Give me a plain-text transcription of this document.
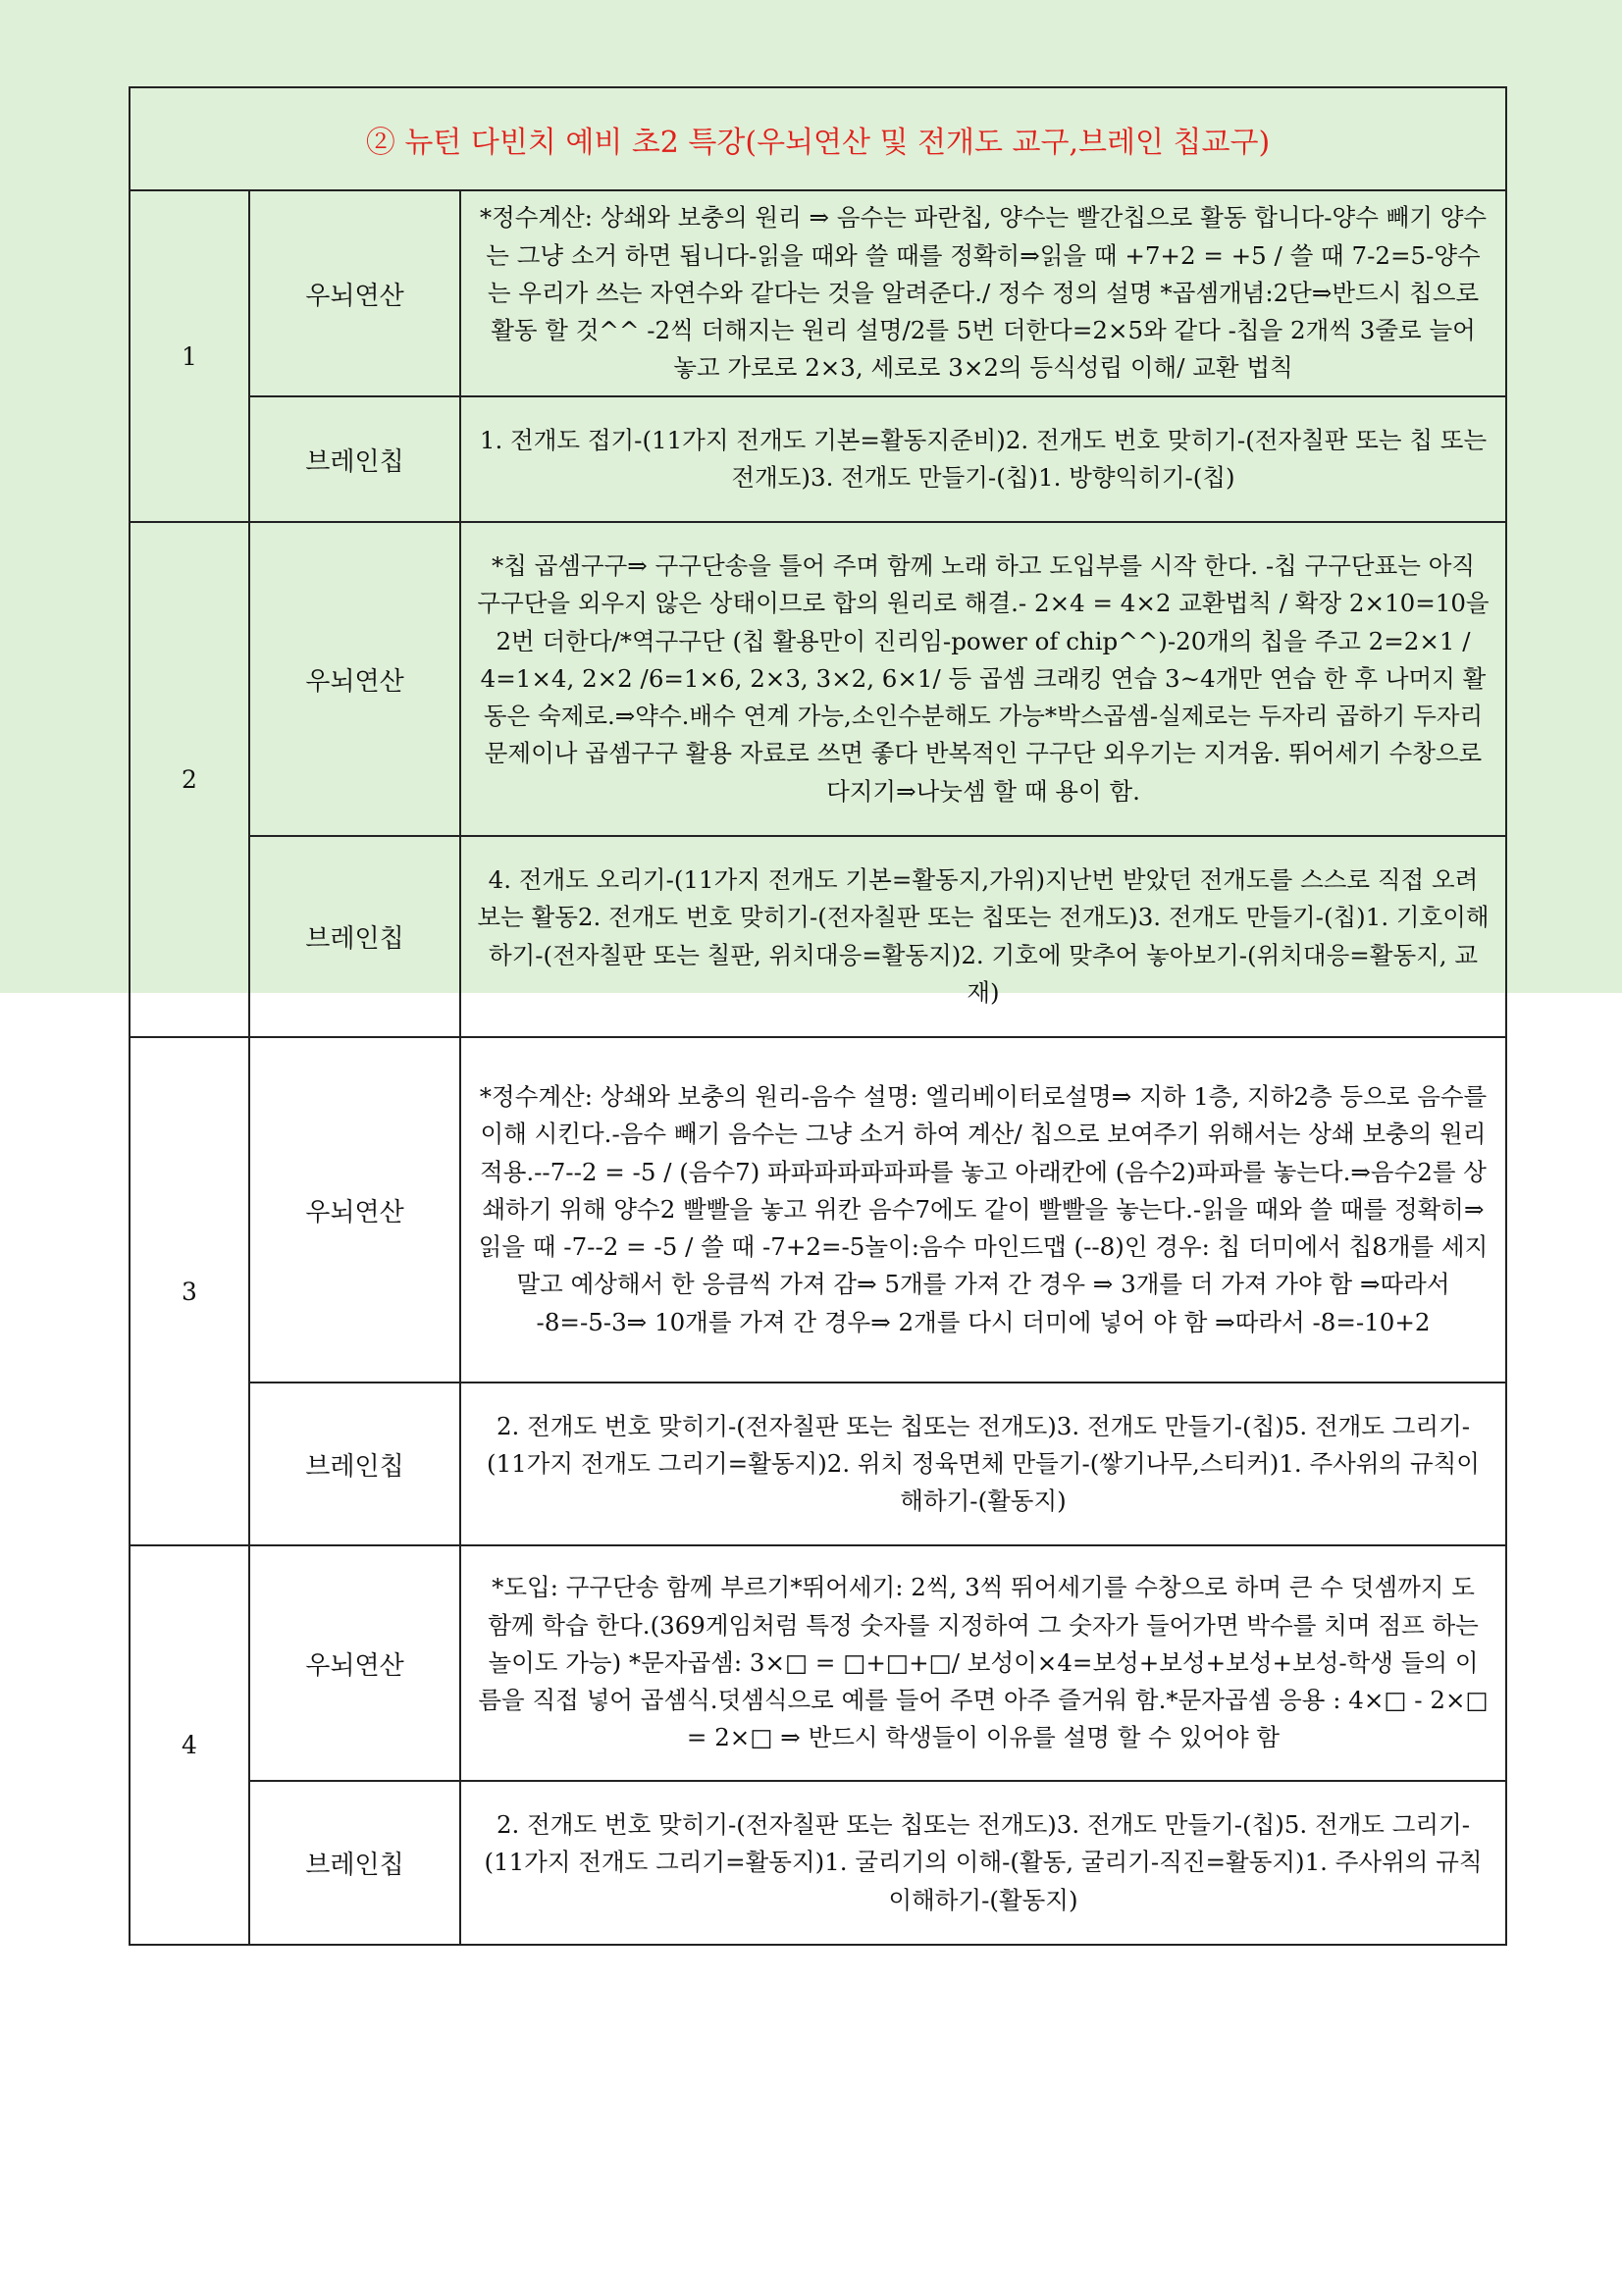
② 뉴턴 다빈치 예비 초2 특강(우뇌연산 및 전개도 교구,브레인 칩교구)		
1	우뇌연산	*정수계산: 상쇄와 보충의 원리 ⇒ 음수는 파란칩, 양수는 빨간칩으로 활동 합니다-양수 빼기 양수는 그냥 소거 하면 됩니다-읽을 때와 쓸 때를 정확히⇒읽을 때 +7+2 = +5 / 쓸 때 7-2=5-양수는 우리가 쓰는 자연수와 같다는 것을 알려준다./ 정수 정의 설명 *곱셈개념:2단⇒반드시 칩으로 활동 할 것^^ -2씩 더해지는 원리 설명/2를 5번 더한다=2×5와 같다 -칩을 2개씩 3줄로 늘어 놓고 가로로 2×3, 세로로 3×2의 등식성립 이해/ 교환 법칙
	브레인칩	1. 전개도 접기-(11가지 전개도 기본=활동지준비)2. 전개도 번호 맞히기-(전자칠판 또는 칩 또는 전개도)3. 전개도 만들기-(칩)1. 방향익히기-(칩)
2	우뇌연산	*칩 곱셈구구⇒ 구구단송을 틀어 주며 함께 노래 하고 도입부를 시작 한다. -칩 구구단표는 아직 구구단을 외우지 않은 상태이므로 합의 원리로 해결.- 2×4 = 4×2 교환법칙 / 확장 2×10=10을 2번 더한다/*역구구단 (칩 활용만이 진리임-power of chip^^)-20개의 칩을 주고 2=2×1 / 4=1×4, 2×2 /6=1×6, 2×3, 3×2, 6×1/ 등 곱셈 크래킹 연습 3~4개만 연습 한 후 나머지 활동은 숙제로.⇒약수.배수 연계 가능,소인수분해도 가능*박스곱셈-실제로는 두자리 곱하기 두자리 문제이나 곱셈구구 활용 자료로 쓰면 좋다 반복적인 구구단 외우기는 지겨움. 뛰어세기 수창으로 다지기⇒나눗셈 할 때 용이 함.
	브레인칩	4. 전개도 오리기-(11가지 전개도 기본=활동지,가위)지난번 받았던 전개도를 스스로 직접 오려보는 활동2. 전개도 번호 맞히기-(전자칠판 또는 칩또는 전개도)3. 전개도 만들기-(칩)1. 기호이해하기-(전자칠판 또는 칠판, 위치대응=활동지)2. 기호에 맞추어 놓아보기-(위치대응=활동지, 교재)
3	우뇌연산	*정수계산: 상쇄와 보충의 원리-음수 설명: 엘리베이터로설명⇒ 지하 1층, 지하2층 등으로 음수를 이해 시킨다.-음수 빼기 음수는 그냥 소거 하여 계산/ 칩으로 보여주기 위해서는 상쇄 보충의 원리 적용.--7--2 = -5 / (음수7) 파파파파파파파를 놓고 아래칸에 (음수2)파파를 놓는다.⇒음수2를 상쇄하기 위해 양수2 빨빨을 놓고 위칸 음수7에도 같이 빨빨을 놓는다.-읽을 때와 쓸 때를 정확히⇒읽을 때 -7--2 = -5 / 쓸 때 -7+2=-5놀이:음수 마인드맵 (--8)인 경우: 칩 더미에서 칩8개를 세지 말고 예상해서 한 응큼씩 가져 감⇒ 5개를 가져 간 경우 ⇒ 3개를 더 가져 가야 함 ⇒따라서 -8=-5-3⇒ 10개를 가져 간 경우⇒ 2개를 다시 더미에 넣어 야 함 ⇒따라서 -8=-10+2
	브레인칩	2. 전개도 번호 맞히기-(전자칠판 또는 칩또는 전개도)3. 전개도 만들기-(칩)5. 전개도 그리기-(11가지 전개도 그리기=활동지)2. 위치 정육면체 만들기-(쌓기나무,스티커)1. 주사위의 규칙이해하기-(활동지)
4	우뇌연산	*도입: 구구단송 함께 부르기*뛰어세기: 2씩, 3씩 뛰어세기를 수창으로 하며 큰 수 덧셈까지 도 함께 학습 한다.(369게임처럼 특정 숫자를 지정하여 그 숫자가 들어가면 박수를 치며 점프 하는 놀이도 가능) *문자곱셈: 3×□ = □+□+□/ 보성이×4=보성+보성+보성+보성-학생 들의 이름을 직접 넣어 곱셈식.덧셈식으로 예를 들어 주면 아주 즐거워 함.*문자곱셈 응용 : 4×□ - 2×□ = 2×□ ⇒ 반드시 학생들이 이유를 설명 할 수 있어야 함
	브레인칩	2. 전개도 번호 맞히기-(전자칠판 또는 칩또는 전개도)3. 전개도 만들기-(칩)5. 전개도 그리기-(11가지 전개도 그리기=활동지)1. 굴리기의 이해-(활동, 굴리기-직진=활동지)1. 주사위의 규칙이해하기-(활동지)
